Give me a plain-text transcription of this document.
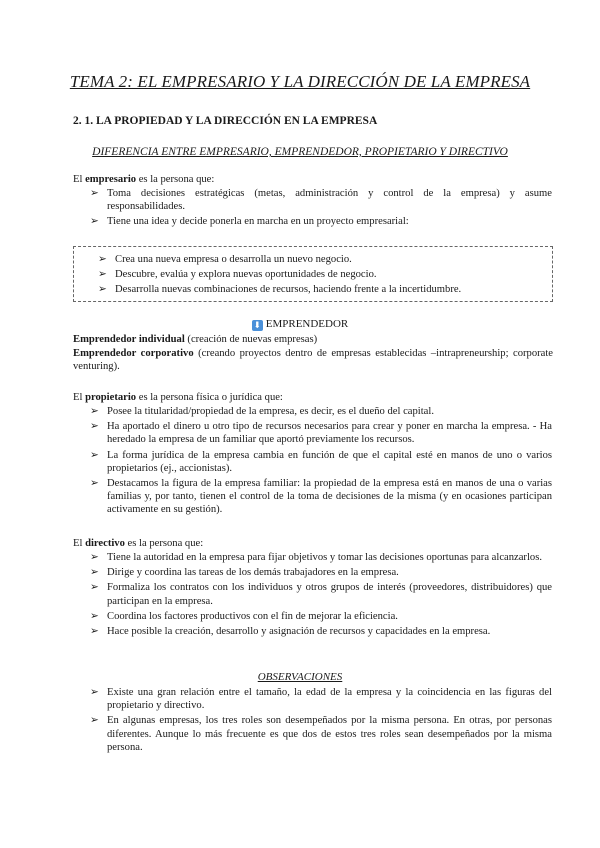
TEMA 2: EL EMPRESARIO Y LA DIRECCIÓN DE LA EMPRESA
2. 1. LA PROPIEDAD Y LA DIRECCIÓN EN LA EMPRESA
DIFERENCIA ENTRE EMPRESARIO, EMPRENDEDOR, PROPIETARIO Y DIRECTIVO
El empresario es la persona que:
➢ Toma decisiones estratégicas (metas, administración y control de la empresa) y asume responsabilidades.
➢ Tiene una idea y decide ponerla en marcha en un proyecto empresarial:
➢ Crea una nueva empresa o desarrolla un nuevo negocio.
➢ Descubre, evalúa y explora nuevas oportunidades de negocio.
➢ Desarrolla nuevas combinaciones de recursos, haciendo frente a la incertidumbre.
⬇ EMPRENDEDOR
Emprendedor individual (creación de nuevas empresas)
Emprendedor corporativo (creando proyectos dentro de empresas establecidas –intrapreneurship; corporate venturing).
El propietario es la persona física o jurídica que:
➢ Posee la titularidad/propiedad de la empresa, es decir, es el dueño del capital.
➢ Ha aportado el dinero u otro tipo de recursos necesarios para crear y poner en marcha la empresa. - Ha heredado la empresa de un familiar que aportó previamente los recursos.
➢ La forma jurídica de la empresa cambia en función de que el capital esté en manos de uno o varios propietarios (ej., accionistas).
➢ Destacamos la figura de la empresa familiar: la propiedad de la empresa está en manos de una o varias familias y, por tanto, tienen el control de la toma de decisiones de la misma (y en ocasiones participan activamente en su gestión).
El directivo es la persona que:
➢ Tiene la autoridad en la empresa para fijar objetivos y tomar las decisiones oportunas para alcanzarlos.
➢ Dirige y coordina las tareas de los demás trabajadores en la empresa.
➢ Formaliza los contratos con los individuos y otros grupos de interés (proveedores, distribuidores) que participan en la empresa.
➢ Coordina los factores productivos con el fin de mejorar la eficiencia.
➢ Hace posible la creación, desarrollo y asignación de recursos y capacidades en la empresa.
OBSERVACIONES
➢ Existe una gran relación entre el tamaño, la edad de la empresa y la coincidencia en las figuras del propietario y directivo.
➢ En algunas empresas, los tres roles son desempeñados por la misma persona. En otras, por personas diferentes. Aunque lo más frecuente es que dos de estos tres roles sean desempeñados por la misma persona.
